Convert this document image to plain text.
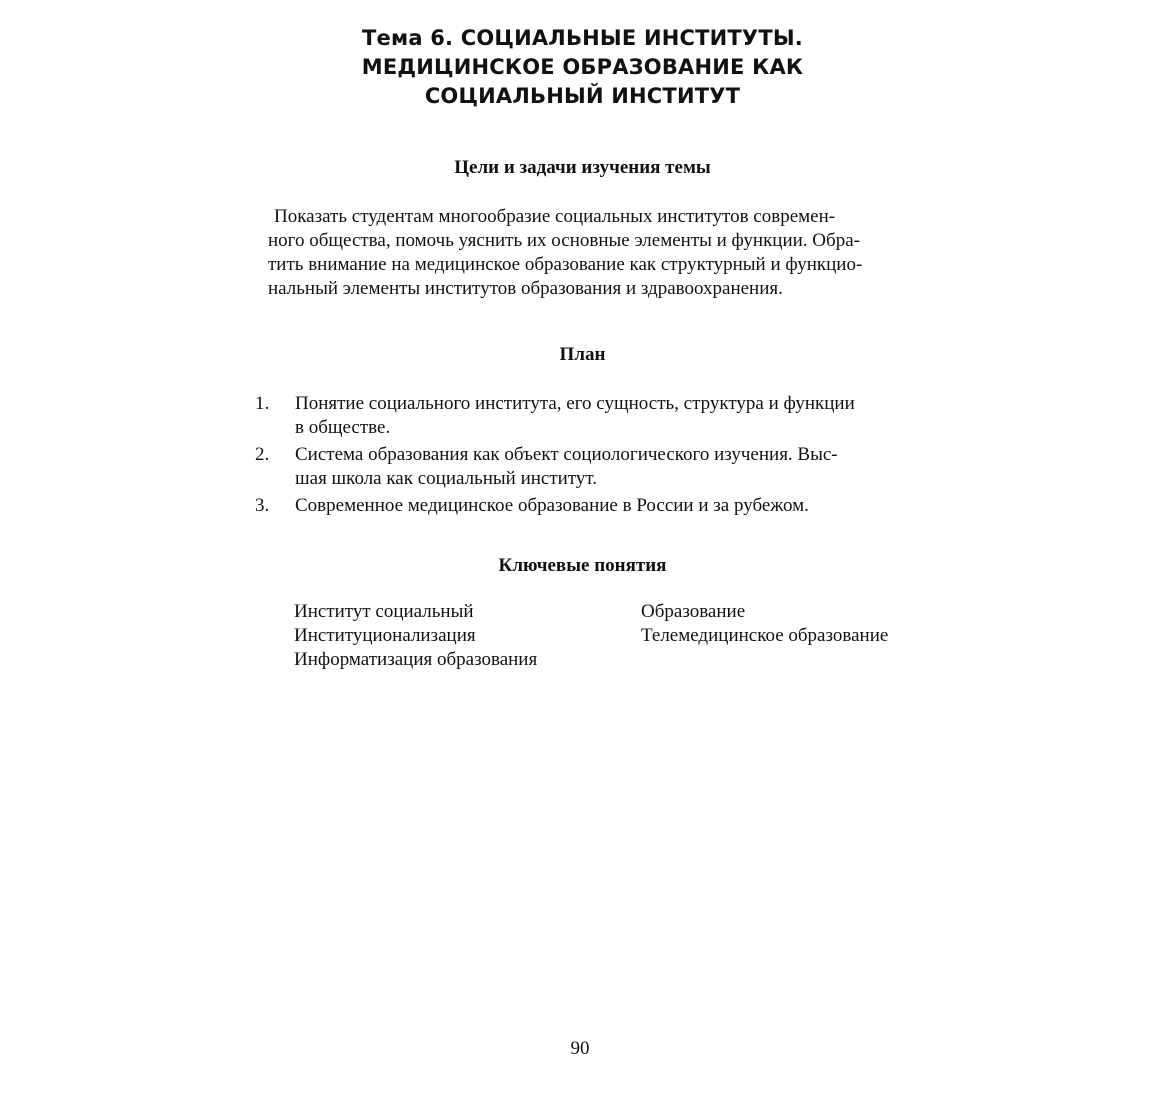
Тема 6. СОЦИАЛЬНЫЕ ИНСТИТУТЫ.
МЕДИЦИНСКОЕ ОБРАЗОВАНИЕ КАК
СОЦИАЛЬНЫЙ ИНСТИТУТ
Цели и задачи изучения темы
Показать студентам многообразие социальных институтов современ-
ного общества, помочь уяснить их основные элементы и функции. Обра-
тить внимание на медицинское образование как структурный и функцио-
нальный элементы институтов образования и здравоохранения.
План
1.	Понятие социального института, его сущность, структура и функции
в обществе.
2.	Система образования как объект социологического изучения. Выс-
шая школа как социальный институт.
3.	Современное медицинское образование в России и за рубежом.
Ключевые понятия
Институт социальный
Институционализация
Информатизация образования
Образование
Телемедицинское образование
90
